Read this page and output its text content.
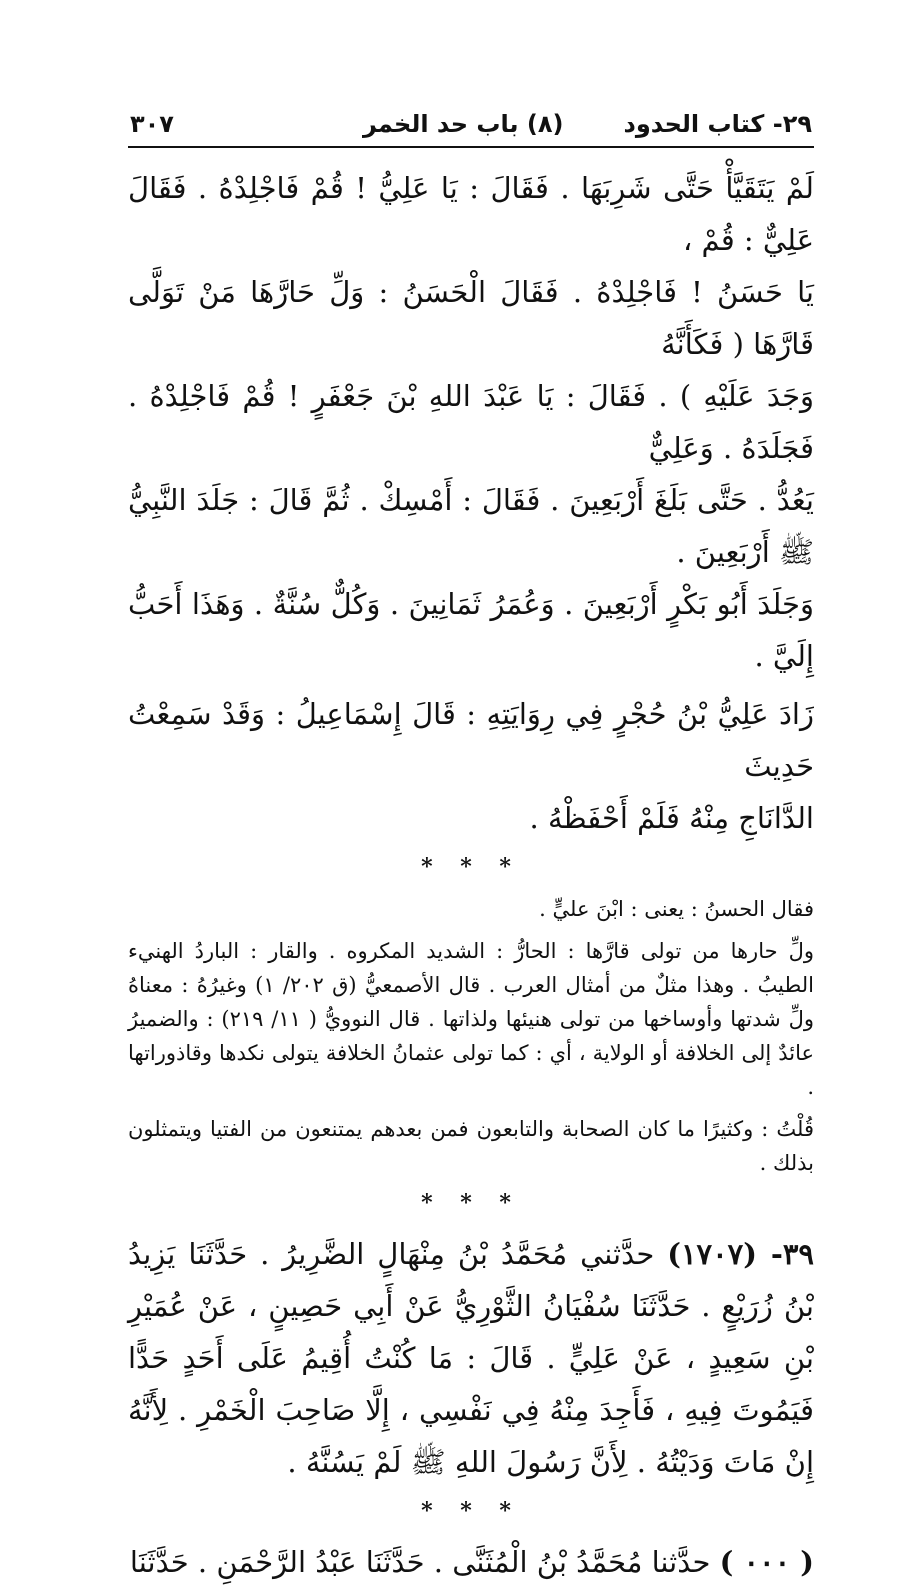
٢٩- كتاب الحدود
(٨) باب حد الخمر
٣٠٧

لَمْ يَتَقَيَّأْ حَتَّى شَرِبَهَا . فَقَالَ : يَا عَلِيُّ ! قُمْ فَاجْلِدْهُ . فَقَالَ عَلِيٌّ : قُمْ ،

يَا حَسَنُ ! فَاجْلِدْهُ . فَقَالَ الْحَسَنُ : وَلِّ حَارَّهَا مَنْ تَوَلَّى قَارَّهَا ( فَكَأَنَّهُ

وَجَدَ عَلَيْهِ ) . فَقَالَ : يَا عَبْدَ اللهِ بْنَ جَعْفَرٍ ! قُمْ فَاجْلِدْهُ . فَجَلَدَهُ . وَعَلِيٌّ

يَعُدُّ . حَتَّى بَلَغَ أَرْبَعِينَ . فَقَالَ : أَمْسِكْ . ثُمَّ قَالَ : جَلَدَ النَّبِيُّ ﷺ أَرْبَعِينَ .

وَجَلَدَ أَبُو بَكْرٍ أَرْبَعِينَ . وَعُمَرُ ثَمَانِينَ . وَكُلٌّ سُنَّةٌ . وَهَذَا أَحَبُّ إِلَيَّ .

زَادَ عَلِيُّ بْنُ حُجْرٍ فِي رِوَايَتِهِ : قَالَ إِسْمَاعِيلُ : وَقَدْ سَمِعْتُ حَدِيثَ

الدَّانَاجِ مِنْهُ فَلَمْ أَحْفَظْهُ .

* * *

فقال الحسنُ : يعنى : ابْنَ عليٍّ .

ولِّ حارها من تولى قارَّها : الحارُّ : الشديد المكروه . والقار : الباردُ الهنيء الطيبُ . وهذا مثلٌ من أمثال العرب . قال الأصمعيُّ (ق ٢٠٢/ ١) وغيرُهُ : معناهُ ولِّ شدتها وأوساخها من تولى هنيئها ولذاتها . قال النوويُّ ( ١١/ ٢١٩) : والضميرُ عائدٌ إلى الخلافة أو الولاية ، أي : كما تولى عثمانُ الخلافة يتولى نكدها وقاذوراتها .

قُلْتُ : وكثيرًا ما كان الصحابة والتابعون فمن بعدهم يمتنعون من الفتيا ويتمثلون بذلك .

* * *

٣٩- (١٧٠٧) حدَّثني مُحَمَّدُ بْنُ مِنْهَالٍ الضَّرِيرُ . حَدَّثَنَا يَزِيدُ بْنُ زُرَيْعٍ . حَدَّثَنَا سُفْيَانُ الثَّوْرِيُّ عَنْ أَبِي حَصِينٍ ، عَنْ عُمَيْرِ بْنِ سَعِيدٍ ، عَنْ عَلِيٍّ . قَالَ : مَا كُنْتُ أُقِيمُ عَلَى أَحَدٍ حَدًّا فَيَمُوتَ فِيهِ ، فَأَجِدَ مِنْهُ فِي نَفْسِي ، إِلَّا صَاحِبَ الْخَمْرِ . لِأَنَّهُ إِنْ مَاتَ وَدَيْتُهُ . لِأَنَّ رَسُولَ اللهِ ﷺ لَمْ يَسُنَّهُ .

* * *

( ٠٠٠ ) حدَّثنا مُحَمَّدُ بْنُ الْمُثَنَّى . حَدَّثَنَا عَبْدُ الرَّحْمَنِ . حَدَّثَنَا
